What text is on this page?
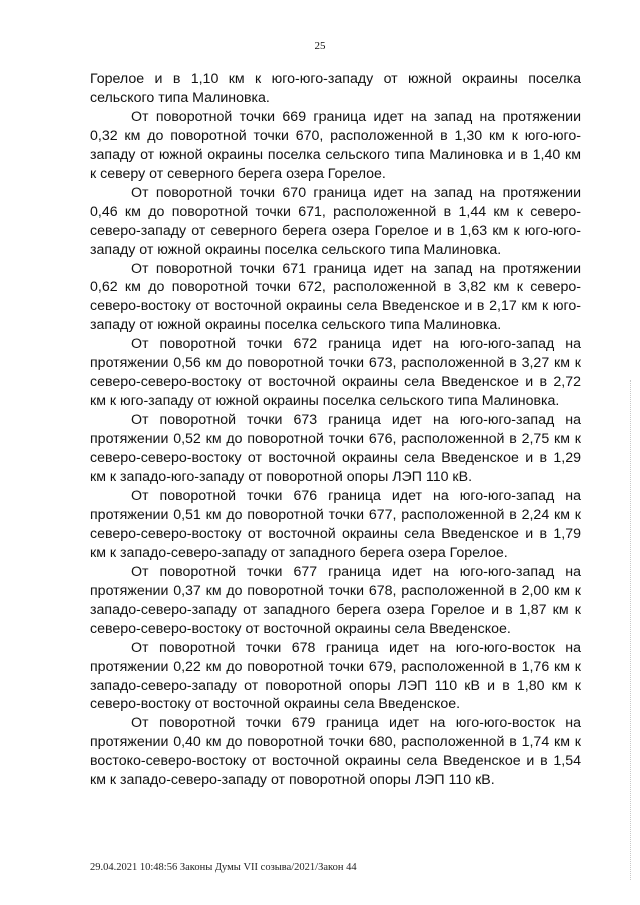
25

Горелое и в 1,10 км к юго-юго-западу от южной окраины поселка сельского типа Малиновка.

От поворотной точки 669 граница идет на запад на протяжении 0,32 км до поворотной точки 670, расположенной в 1,30 км к юго-юго-западу от южной окраины поселка сельского типа Малиновка и в 1,40 км к северу от северного берега озера Горелое.

От поворотной точки 670 граница идет на запад на протяжении 0,46 км до поворотной точки 671, расположенной в 1,44 км к северо-северо-западу от северного берега озера Горелое и в 1,63 км к юго-юго-западу от южной окраины поселка сельского типа Малиновка.

От поворотной точки 671 граница идет на запад на протяжении 0,62 км до поворотной точки 672, расположенной в 3,82 км к северо-северо-востоку от восточной окраины села Введенское и в 2,17 км к юго-западу от южной окраины поселка сельского типа Малиновка.

От поворотной точки 672 граница идет на юго-юго-запад на протяжении 0,56 км до поворотной точки 673, расположенной в 3,27 км к северо-северо-востоку от восточной окраины села Введенское и в 2,72 км к юго-западу от южной окраины поселка сельского типа Малиновка.

От поворотной точки 673 граница идет на юго-юго-запад на протяжении 0,52 км до поворотной точки 676, расположенной в 2,75 км к северо-северо-востоку от восточной окраины села Введенское и в 1,29 км к западо-юго-западу от поворотной опоры ЛЭП 110 кВ.

От поворотной точки 676 граница идет на юго-юго-запад на протяжении 0,51 км до поворотной точки 677, расположенной в 2,24 км к северо-северо-востоку от восточной окраины села Введенское и в 1,79 км к западо-северо-западу от западного берега озера Горелое.

От поворотной точки 677 граница идет на юго-юго-запад на протяжении 0,37 км до поворотной точки 678, расположенной в 2,00 км к западо-северо-западу от западного берега озера Горелое и в 1,87 км к северо-северо-востоку от восточной окраины села Введенское.

От поворотной точки 678 граница идет на юго-юго-восток на протяжении 0,22 км до поворотной точки 679, расположенной в 1,76 км к западо-северо-западу от поворотной опоры ЛЭП 110 кВ и в 1,80 км к северо-востоку от восточной окраины села Введенское.

От поворотной точки 679 граница идет на юго-юго-восток на протяжении 0,40 км до поворотной точки 680, расположенной в 1,74 км к востоко-северо-востоку от восточной окраины села Введенское и в 1,54 км к западо-северо-западу от поворотной опоры ЛЭП 110 кВ.

29.04.2021 10:48:56 Законы Думы VII созыва/2021/Закон 44
